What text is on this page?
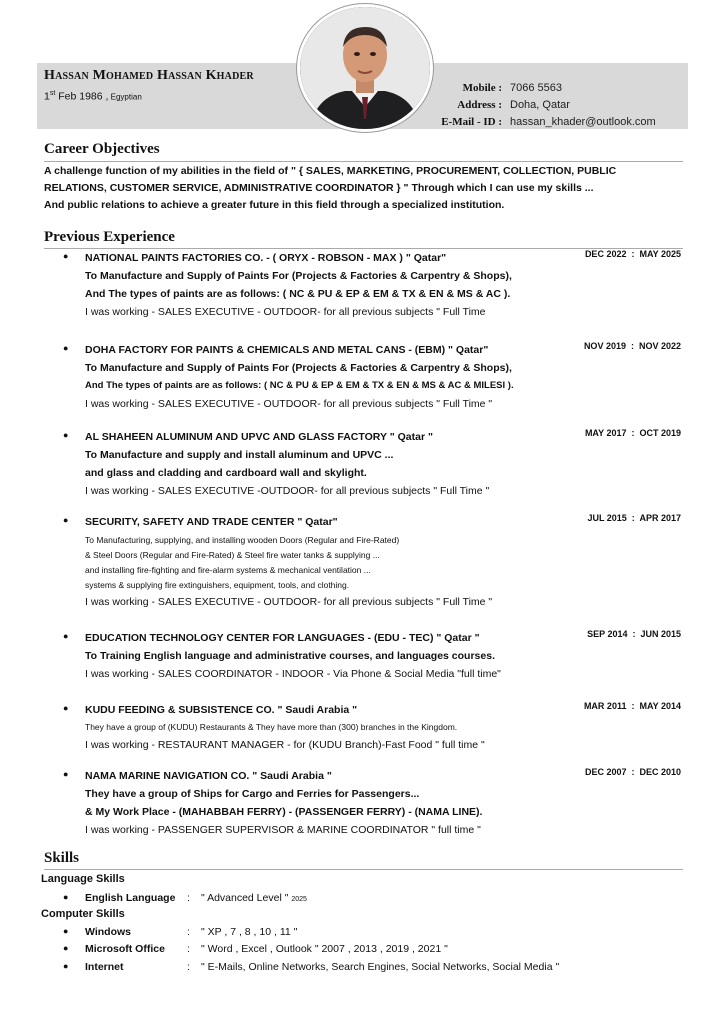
Hassan Mohamed Hassan Khader
1st Feb 1986 , Egyptian
Mobile : 7066 5563
Address : Doha, Qatar
E-Mail - ID : hassan_khader@outlook.com
Career Objectives
A challenge function of my abilities in the field of " { SALES, MARKETING, PROCUREMENT, COLLECTION, PUBLIC
RELATIONS, CUSTOMER SERVICE, ADMINISTRATIVE COORDINATOR } " Through which I can use my skills ...
And public relations to achieve a greater future in this field through a specialized institution.
Previous Experience
●	DEC 2022  :  MAY 2025
NATIONAL PAINTS FACTORIES CO. - ( ORYX - ROBSON - MAX ) " Qatar"
To Manufacture and Supply of Paints For (Projects & Factories & Carpentry & Shops),
And The types of paints are as follows: ( NC & PU & EP & EM & TX & EN & MS & AC ).
I was working - SALES EXECUTIVE - OUTDOOR- for all previous subjects " Full Time
●	NOV 2019  :  NOV 2022
DOHA FACTORY FOR PAINTS & CHEMICALS AND METAL CANS - (EBM) " Qatar"
To Manufacture and Supply of Paints For (Projects & Factories & Carpentry & Shops),
And The types of paints are as follows: ( NC & PU & EP & EM & TX & EN & MS & AC & MILESI ).
I was working - SALES EXECUTIVE - OUTDOOR- for all previous subjects " Full Time "
●	MAY 2017  :  OCT 2019
AL SHAHEEN ALUMINUM AND UPVC AND GLASS FACTORY " Qatar "
To Manufacture and supply and install aluminum and UPVC ...
and glass and cladding and cardboard wall and skylight.
I was working - SALES EXECUTIVE -OUTDOOR- for all previous subjects " Full Time "
●	JUL 2015  :  APR 2017
SECURITY, SAFETY AND TRADE CENTER " Qatar"
To Manufacturing, supplying, and installing wooden Doors (Regular and Fire-Rated)
& Steel Doors (Regular and Fire-Rated) & Steel fire water tanks & supplying ...
and installing fire-fighting and fire-alarm systems & mechanical ventilation ...
systems & supplying fire extinguishers, equipment, tools, and clothing.
I was working - SALES EXECUTIVE - OUTDOOR- for all previous subjects " Full Time "
●	SEP 2014  :  JUN 2015
EDUCATION TECHNOLOGY CENTER FOR LANGUAGES - (EDU - TEC) " Qatar "
To Training English language and administrative courses, and languages courses.
I was working - SALES COORDINATOR - INDOOR - Via Phone & Social Media "full time"
●	MAR 2011  :  MAY 2014
KUDU FEEDING & SUBSISTENCE CO. " Saudi Arabia "
They have a group of (KUDU) Restaurants & They have more than (300) branches in the Kingdom.
I was working - RESTAURANT MANAGER - for (KUDU Branch)-Fast Food " full time "
●	DEC 2007  :  DEC 2010
NAMA MARINE NAVIGATION CO. " Saudi Arabia "
They have a group of Ships for Cargo and Ferries for Passengers...
& My Work Place - (MAHABBAH FERRY) - (PASSENGER FERRY) - (NAMA LINE).
I was working - PASSENGER SUPERVISOR & MARINE COORDINATOR " full time "
Skills
Language Skills
●	English Language	:	" Advanced Level " 2025
Computer Skills
●	Windows	:	" XP , 7 , 8 , 10 , 11 "
●	Microsoft Office	:	" Word , Excel , Outlook " 2007 , 2013 , 2019 , 2021 "
●	Internet	:	" E-Mails, Online Networks, Search Engines, Social Networks, Social Media "
